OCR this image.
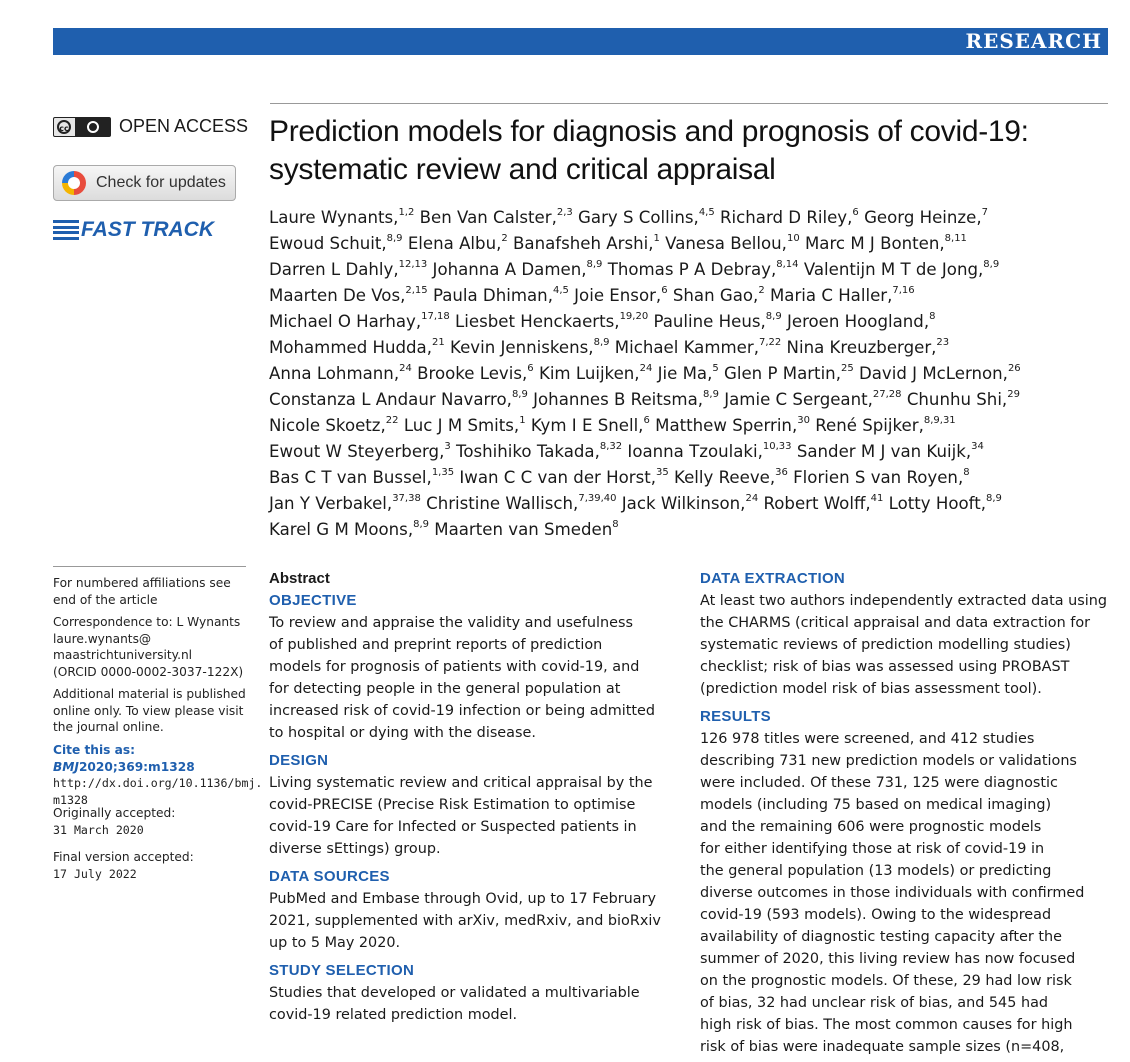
RESEARCH
cc	OPEN ACCESS
Check for updates
FAST TRACK
Prediction models for diagnosis and prognosis of covid-19:
systematic review and critical appraisal
Laure Wynants,$^{1,2}$ Ben Van Calster,$^{2,3}$ Gary S Collins,$^{4,5}$ Richard D Riley,$^6$ Georg Heinze,$^7$
Ewoud Schuit,$^{8,9}$ Elena Albu,$^2$ Banafsheh Arshi,$^1$ Vanesa Bellou,$^{10}$ Marc M J Bonten,$^{8,11}$
Darren L Dahly,$^{12,13}$ Johanna A Damen,$^{8,9}$ Thomas P A Debray,$^{8,14}$ Valentijn M T de Jong,$^{8,9}$
Maarten De Vos,$^{2,15}$ Paula Dhiman,$^{4,5}$ Joie Ensor,$^6$ Shan Gao,$^2$ Maria C Haller,$^{7,16}$
Michael O Harhay,$^{17,18}$ Liesbet Henckaerts,$^{19,20}$ Pauline Heus,$^{8,9}$ Jeroen Hoogland,$^8$
Mohammed Hudda,$^{21}$ Kevin Jenniskens,$^{8,9}$ Michael Kammer,$^{7,22}$ Nina Kreuzberger,$^{23}$
Anna Lohmann,$^{24}$ Brooke Levis,$^6$ Kim Luijken,$^{24}$ Jie Ma,$^5$ Glen P Martin,$^{25}$ David J McLernon,$^{26}$
Constanza L Andaur Navarro,$^{8,9}$ Johannes B Reitsma,$^{8,9}$ Jamie C Sergeant,$^{27,28}$ Chunhu Shi,$^{29}$
Nicole Skoetz,$^{22}$ Luc J M Smits,$^1$ Kym I E Snell,$^6$ Matthew Sperrin,$^{30}$ René Spijker,$^{8,9,31}$
Ewout W Steyerberg,$^3$ Toshihiko Takada,$^{8,32}$ Ioanna Tzoulaki,$^{10,33}$ Sander M J van Kuijk,$^{34}$
Bas C T van Bussel,$^{1,35}$ Iwan C C van der Horst,$^{35}$ Kelly Reeve,$^{36}$ Florien S van Royen,$^8$
Jan Y Verbakel,$^{37,38}$ Christine Wallisch,$^{7,39,40}$ Jack Wilkinson,$^{24}$ Robert Wolff,$^{41}$ Lotty Hooft,$^{8,9}$
Karel G M Moons,$^{8,9}$ Maarten van Smeden$^8$
For numbered affiliations see
end of the article
Correspondence to: L Wynants
laure.wynants@
maastrichtuniversity.nl
(ORCID 0000-0002-3037-122X)
Additional material is published
online only. To view please visit
the journal online.
Cite this as: BMJ2020;369:m1328
http://dx.doi.org/10.1136/bmj.
m1328
Originally accepted:
31 March 2020
Final version accepted:
17 July 2022
Abstract
OBJECTIVE
To review and appraise the validity and usefulness
of published and preprint reports of prediction
models for prognosis of patients with covid-19, and
for detecting people in the general population at
increased risk of covid-19 infection or being admitted
to hospital or dying with the disease.
DESIGN
Living systematic review and critical appraisal by the
covid-PRECISE (Precise Risk Estimation to optimise
covid-19 Care for Infected or Suspected patients in
diverse sEttings) group.
DATA SOURCES
PubMed and Embase through Ovid, up to 17 February
2021, supplemented with arXiv, medRxiv, and bioRxiv
up to 5 May 2020.
STUDY SELECTION
Studies that developed or validated a multivariable
covid-19 related prediction model.
DATA EXTRACTION
At least two authors independently extracted data using
the CHARMS (critical appraisal and data extraction for
systematic reviews of prediction modelling studies)
checklist; risk of bias was assessed using PROBAST
(prediction model risk of bias assessment tool).
RESULTS
126 978 titles were screened, and 412 studies
describing 731 new prediction models or validations
were included. Of these 731, 125 were diagnostic
models (including 75 based on medical imaging)
and the remaining 606 were prognostic models
for either identifying those at risk of covid-19 in
the general population (13 models) or predicting
diverse outcomes in those individuals with confirmed
covid-19 (593 models). Owing to the widespread
availability of diagnostic testing capacity after the
summer of 2020, this living review has now focused
on the prognostic models. Of these, 29 had low risk
of bias, 32 had unclear risk of bias, and 545 had
high risk of bias. The most common causes for high
risk of bias were inadequate sample sizes (n=408,
